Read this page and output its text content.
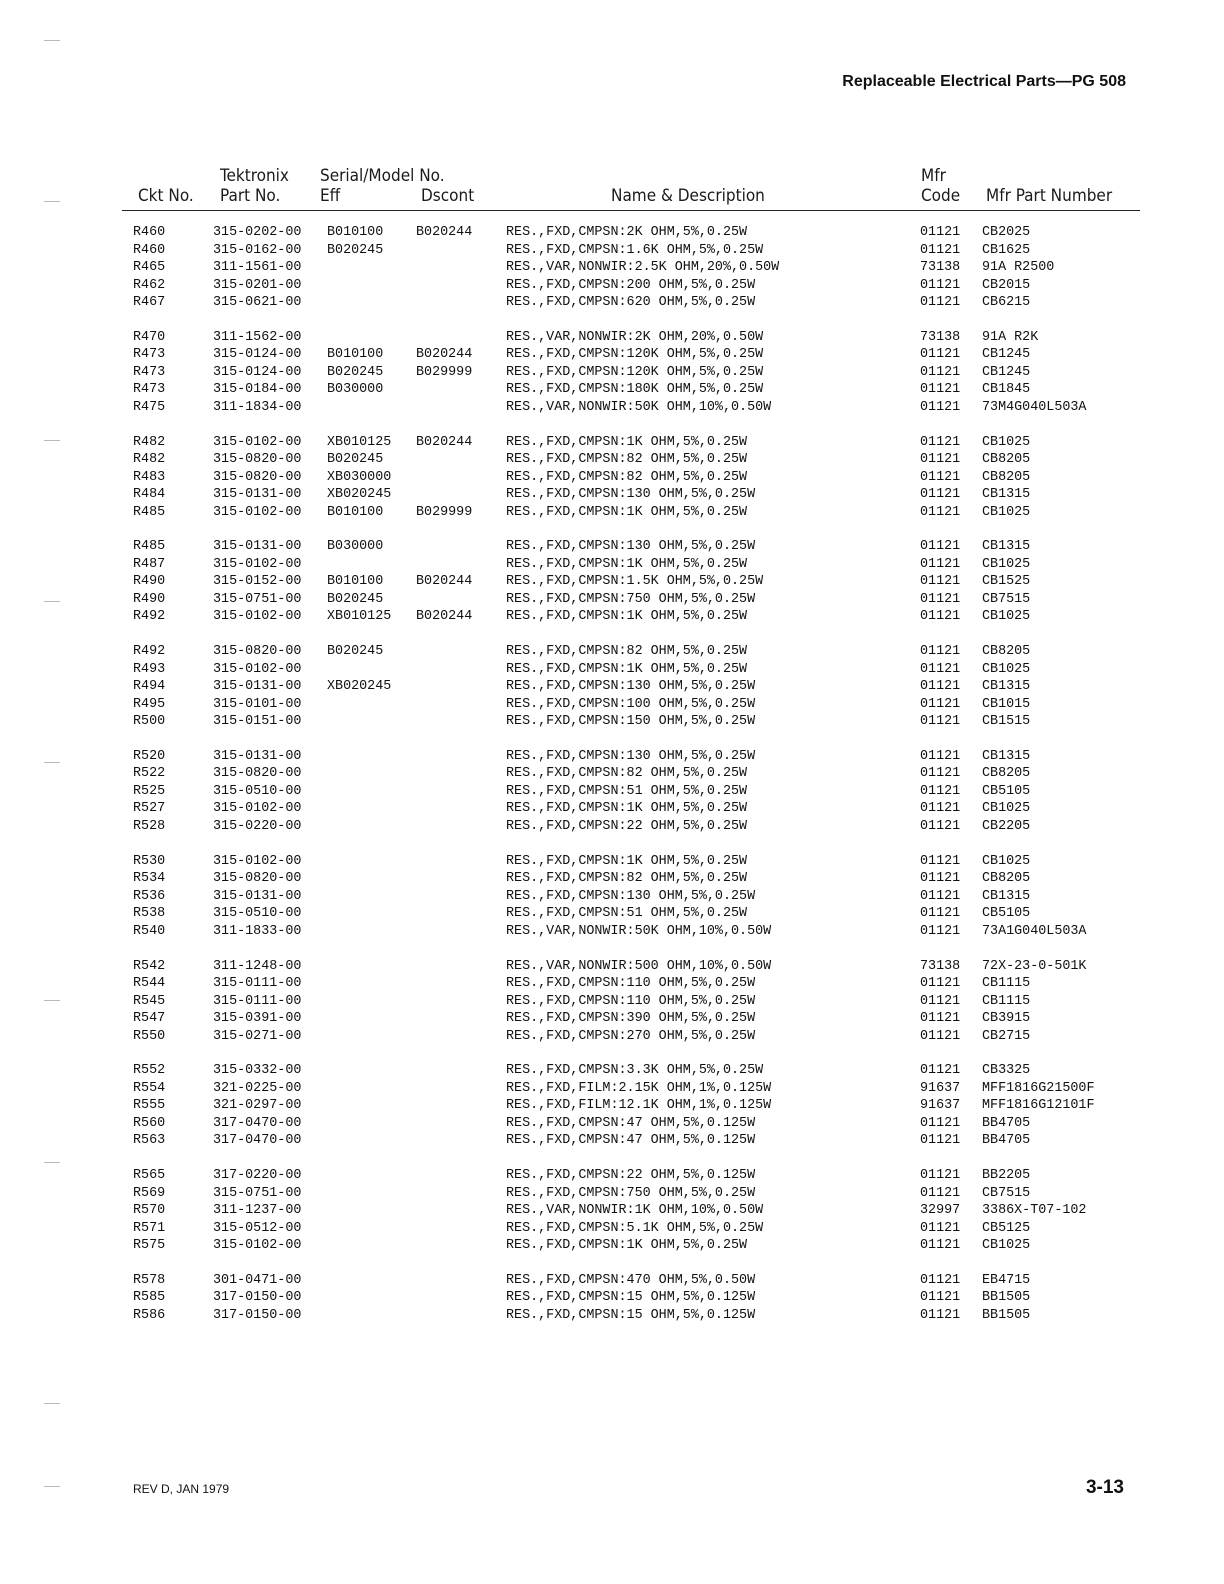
Replaceable Electrical Parts—PG 508
Ckt No.
Tektronix
Part No.
Serial/Model No.
Eff	Dscont	Name & Description
Mfr
Code Mfr Part Number
R460	315-0202-00 B010100 B020244	RES.,FXD,CMPSN:2K OHM,5%,0.25W	01121 CB2025
R460	315-0162-00 B020245	RES.,FXD,CMPSN:1.6K OHM,5%,0.25W	01121 CB1625
R465	311-1561-00	RES.,VAR,NONWIR:2.5K OHM,20%,0.50W	73138 91A R2500
R462	315-0201-00	RES.,FXD,CMPSN:200 OHM,5%,0.25W	01121 CB2015
R467	315-0621-00	RES.,FXD,CMPSN:620 OHM,5%,0.25W	01121 CB6215
R470	311-1562-00	RES.,VAR,NONWIR:2K OHM,20%,0.50W	73138 91A R2K
R473	315-0124-00 B010100 B020244	RES.,FXD,CMPSN:120K OHM,5%,0.25W	01121 CB1245
R473	315-0124-00 B020245 B029999	RES.,FXD,CMPSN:120K OHM,5%,0.25W	01121 CB1245
R473	315-0184-00 B030000	RES.,FXD,CMPSN:180K OHM,5%,0.25W	01121 CB1845
R475	311-1834-00	RES.,VAR,NONWIR:50K OHM,10%,0.50W	01121 73M4G040L503A
R482	315-0102-00 XB010125 B020244	RES.,FXD,CMPSN:1K OHM,5%,0.25W	01121 CB1025
R482	315-0820-00 B020245	RES.,FXD,CMPSN:82 OHM,5%,0.25W	01121 CB8205
R483	315-0820-00 XB030000	RES.,FXD,CMPSN:82 OHM,5%,0.25W	01121 CB8205
R484	315-0131-00 XB020245	RES.,FXD,CMPSN:130 OHM,5%,0.25W	01121 CB1315
R485	315-0102-00 B010100 B029999	RES.,FXD,CMPSN:1K OHM,5%,0.25W	01121 CB1025
R485	315-0131-00 B030000	RES.,FXD,CMPSN:130 OHM,5%,0.25W	01121 CB1315
R487	315-0102-00	RES.,FXD,CMPSN:1K OHM,5%,0.25W	01121 CB1025
R490	315-0152-00 B010100 B020244	RES.,FXD,CMPSN:1.5K OHM,5%,0.25W	01121 CB1525
R490	315-0751-00 B020245	RES.,FXD,CMPSN:750 OHM,5%,0.25W	01121 CB7515
R492	315-0102-00 XB010125 B020244	RES.,FXD,CMPSN:1K OHM,5%,0.25W	01121 CB1025
R492	315-0820-00 B020245	RES.,FXD,CMPSN:82 OHM,5%,0.25W	01121 CB8205
R493	315-0102-00	RES.,FXD,CMPSN:1K OHM,5%,0.25W	01121 CB1025
R494	315-0131-00 XB020245	RES.,FXD,CMPSN:130 OHM,5%,0.25W	01121 CB1315
R495	315-0101-00	RES.,FXD,CMPSN:100 OHM,5%,0.25W	01121 CB1015
R500	315-0151-00	RES.,FXD,CMPSN:150 OHM,5%,0.25W	01121 CB1515
R520	315-0131-00	RES.,FXD,CMPSN:130 OHM,5%,0.25W	01121 CB1315
R522	315-0820-00	RES.,FXD,CMPSN:82 OHM,5%,0.25W	01121 CB8205
R525	315-0510-00	RES.,FXD,CMPSN:51 OHM,5%,0.25W	01121 CB5105
R527	315-0102-00	RES.,FXD,CMPSN:1K OHM,5%,0.25W	01121 CB1025
R528	315-0220-00	RES.,FXD,CMPSN:22 OHM,5%,0.25W	01121 CB2205
R530	315-0102-00	RES.,FXD,CMPSN:1K OHM,5%,0.25W	01121 CB1025
R534	315-0820-00	RES.,FXD,CMPSN:82 OHM,5%,0.25W	01121 CB8205
R536	315-0131-00	RES.,FXD,CMPSN:130 OHM,5%,0.25W	01121 CB1315
R538	315-0510-00	RES.,FXD,CMPSN:51 OHM,5%,0.25W	01121 CB5105
R540	311-1833-00	RES.,VAR,NONWIR:50K OHM,10%,0.50W	01121 73A1G040L503A
R542	311-1248-00	RES.,VAR,NONWIR:500 OHM,10%,0.50W	73138 72X-23-0-501K
R544	315-0111-00	RES.,FXD,CMPSN:110 OHM,5%,0.25W	01121 CB1115
R545	315-0111-00	RES.,FXD,CMPSN:110 OHM,5%,0.25W	01121 CB1115
R547	315-0391-00	RES.,FXD,CMPSN:390 OHM,5%,0.25W	01121 CB3915
R550	315-0271-00	RES.,FXD,CMPSN:270 OHM,5%,0.25W	01121 CB2715
R552	315-0332-00	RES.,FXD,CMPSN:3.3K OHM,5%,0.25W	01121 CB3325
R554	321-0225-00	RES.,FXD,FILM:2.15K OHM,1%,0.125W	91637 MFF1816G21500F
R555	321-0297-00	RES.,FXD,FILM:12.1K OHM,1%,0.125W	91637 MFF1816G12101F
R560	317-0470-00	RES.,FXD,CMPSN:47 OHM,5%,0.125W	01121 BB4705
R563	317-0470-00	RES.,FXD,CMPSN:47 OHM,5%,0.125W	01121 BB4705
R565	317-0220-00	RES.,FXD,CMPSN:22 OHM,5%,0.125W	01121 BB2205
R569	315-0751-00	RES.,FXD,CMPSN:750 OHM,5%,0.25W	01121 CB7515
R570	311-1237-00	RES.,VAR,NONWIR:1K OHM,10%,0.50W	32997 3386X-T07-102
R571	315-0512-00	RES.,FXD,CMPSN:5.1K OHM,5%,0.25W	01121 CB5125
R575	315-0102-00	RES.,FXD,CMPSN:1K OHM,5%,0.25W	01121 CB1025
R578	301-0471-00	RES.,FXD,CMPSN:470 OHM,5%,0.50W	01121 EB4715
R585	317-0150-00	RES.,FXD,CMPSN:15 OHM,5%,0.125W	01121 BB1505
R586	317-0150-00	RES.,FXD,CMPSN:15 OHM,5%,0.125W	01121 BB1505
REV D, JAN 1979	3-13
